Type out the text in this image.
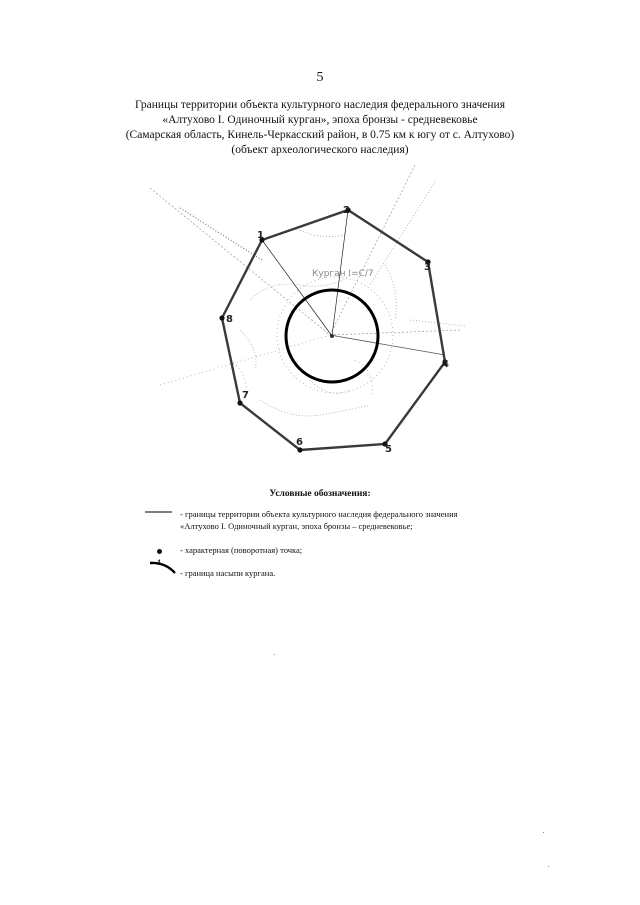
5
Границы территории объекта культурного наследия федерального значения
«Алтухово I. Одиночный курган», эпоха бронзы - средневековье
(Самарская область, Кинель-Черкасский район, в 0.75 км к югу от с. Алтухово)
(объект археологического наследия)
Курган I=C/7
1
2
3
4
5
6
7
8
Условные обозначения:
- границы территории объекта культурного наследия федерального значения
«Алтухово I. Одиночный курган, эпоха бронзы – средневековье;
1
- характерная (поворотная) точка;
- граница насыпи кургана.
